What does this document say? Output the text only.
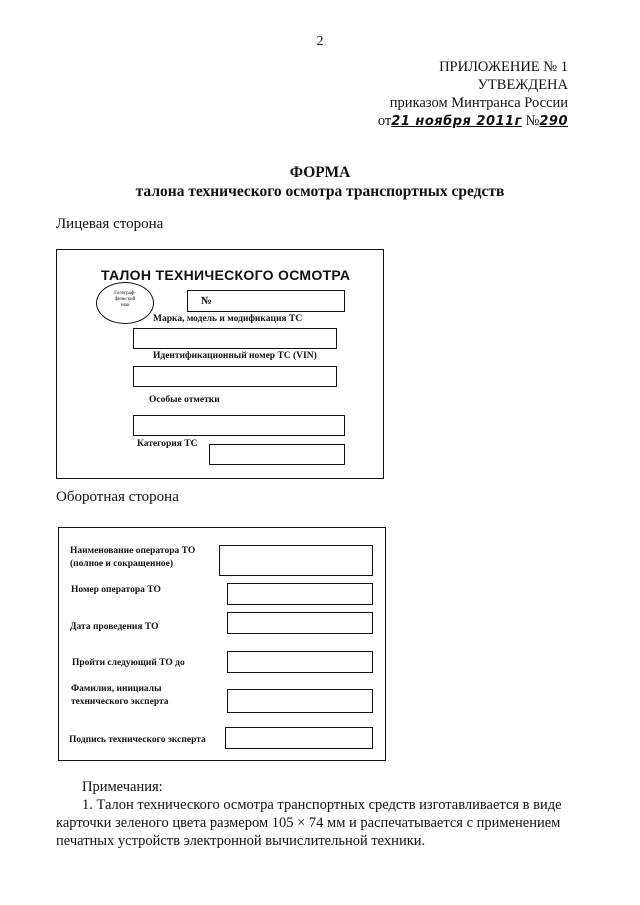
2
ПРИЛОЖЕНИЕ № 1
УТВЕЖДЕНА
приказом Минтранса России
от21 ноября 2011г №290
ФОРМА
талона технического осмотра транспортных средств
Лицевая сторона
ТАЛОН ТЕХНИЧЕСКОГО ОСМОТРА
Голограф-
фический
знак	№
Марка, модель и модификация ТС
Идентификационный номер ТС (VIN)
Особые отметки
Категория ТС
Оборотная сторона
Наименование оператора ТО
(полное и сокращенное)
Номер оператора ТО
Дата проведения ТО
Пройти следующий ТО до
Фамилия, инициалы
технического эксперта
Подпись технического эксперта
Примечания:
1. Талон технического осмотра транспортных средств изготавливается в виде
карточки зеленого цвета размером 105 × 74 мм и распечатывается с применением
печатных устройств электронной вычислительной техники.
